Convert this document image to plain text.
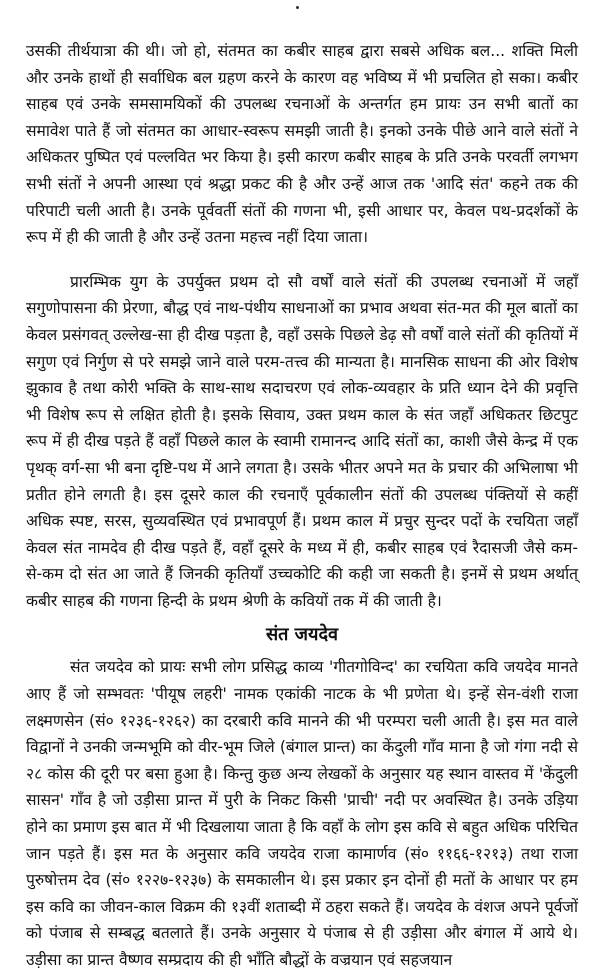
उसकी तीर्थयात्रा की थी। जो हो, संतमत का कबीर साहब द्वारा सबसे अधिक बल... शक्ति मिली और उनके हाथों ही सर्वाधिक बल ग्रहण करने के कारण वह भविष्य में भी प्रचलित हो सका। कबीर साहब एवं उनके समसामयिकों की उपलब्ध रचनाओं के अन्तर्गत हम प्रायः उन सभी बातों का समावेश पाते हैं जो संतमत का आधार-स्वरूप समझी जाती है। इनको उनके पीछे आने वाले संतों ने अधिकतर पुष्पित एवं पल्लवित भर किया है। इसी कारण कबीर साहब के प्रति उनके परवर्ती लगभग सभी संतों ने अपनी आस्था एवं श्रद्धा प्रकट की है और उन्हें आज तक 'आदि संत' कहने तक की परिपाटी चली आती है। उनके पूर्ववर्ती संतों की गणना भी, इसी आधार पर, केवल पथ-प्रदर्शकों के रूप में ही की जाती है और उन्हें उतना महत्त्व नहीं दिया जाता।

प्रारम्भिक युग के उपर्युक्त प्रथम दो सौ वर्षों वाले संतों की उपलब्ध रचनाओं में जहाँ सगुणोपासना की प्रेरणा, बौद्ध एवं नाथ-पंथीय साधनाओं का प्रभाव अथवा संत-मत की मूल बातों का केवल प्रसंगवत् उल्लेख-सा ही दीख पड़ता है, वहाँ उसके पिछले डेढ़ सौ वर्षों वाले संतों की कृतियों में सगुण एवं निर्गुण से परे समझे जाने वाले परम-तत्त्व की मान्यता है। मानसिक साधना की ओर विशेष झुकाव है तथा कोरी भक्ति के साथ-साथ सदाचरण एवं लोक-व्यवहार के प्रति ध्यान देने की प्रवृत्ति भी विशेष रूप से लक्षित होती है। इसके सिवाय, उक्त प्रथम काल के संत जहाँ अधिकतर छिटपुट रूप में ही दीख पड़ते हैं वहाँ पिछले काल के स्वामी रामानन्द आदि संतों का, काशी जैसे केन्द्र में एक पृथक् वर्ग-सा भी बना दृष्टि-पथ में आने लगता है। उसके भीतर अपने मत के प्रचार की अभिलाषा भी प्रतीत होने लगती है। इस दूसरे काल की रचनाएँ पूर्वकालीन संतों की उपलब्ध पंक्तियों से कहीं अधिक स्पष्ट, सरस, सुव्यवस्थित एवं प्रभावपूर्ण हैं। प्रथम काल में प्रचुर सुन्दर पदों के रचयिता जहाँ केवल संत नामदेव ही दीख पड़ते हैं, वहाँ दूसरे के मध्य में ही, कबीर साहब एवं रैदासजी जैसे कम-से-कम दो संत आ जाते हैं जिनकी कृतियाँ उच्चकोटि की कही जा सकती है। इनमें से प्रथम अर्थात् कबीर साहब की गणना हिन्दी के प्रथम श्रेणी के कवियों तक में की जाती है।

संत जयदेव

संत जयदेव को प्रायः सभी लोग प्रसिद्ध काव्य 'गीतगोविन्द' का रचयिता कवि जयदेव मानते आए हैं जो सम्भवतः 'पीयूष लहरी' नामक एकांकी नाटक के भी प्रणेता थे। इन्हें सेन-वंशी राजा लक्ष्मणसेन (सं० १२३६-१२६२) का दरबारी कवि मानने की भी परम्परा चली आती है। इस मत वाले विद्वानों ने उनकी जन्मभूमि को वीर-भूम जिले (बंगाल प्रान्त) का केंदुली गाँव माना है जो गंगा नदी से २८ कोस की दूरी पर बसा हुआ है। किन्तु कुछ अन्य लेखकों के अनुसार यह स्थान वास्तव में 'केंदुली सासन' गाँव है जो उड़ीसा प्रान्त में पुरी के निकट किसी 'प्राची' नदी पर अवस्थित है। उनके उड़िया होने का प्रमाण इस बात में भी दिखलाया जाता है कि वहाँ के लोग इस कवि से बहुत अधिक परिचित जान पड़ते हैं। इस मत के अनुसार कवि जयदेव राजा कामार्णव (सं० ११६६-१२१३) तथा राजा पुरुषोत्तम देव (सं० १२२७-१२३७) के समकालीन थे। इस प्रकार इन दोनों ही मतों के आधार पर हम इस कवि का जीवन-काल विक्रम की १३वीं शताब्दी में ठहरा सकते हैं। जयदेव के वंशज अपने पूर्वजों को पंजाब से सम्बद्ध बतलाते हैं। उनके अनुसार ये पंजाब से ही उड़ीसा और बंगाल में आये थे। उड़ीसा का प्रान्त वैष्णव सम्प्रदाय की ही भाँति बौद्धों के वज्रयान एवं सहजयान
